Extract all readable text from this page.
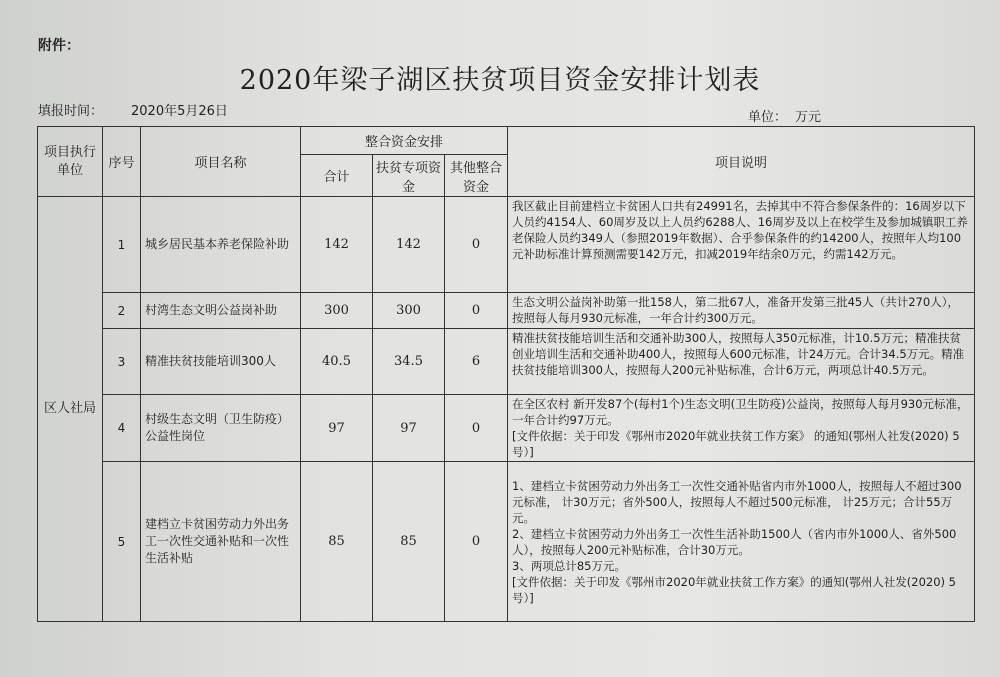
附件：
2020年梁子湖区扶贫项目资金安排计划表
填报时间： 2020年5月26日	单位： 万元
项目执行单位	序号	项目名称	整合资金安排			项目说明
			合计	扶贫专项资金	其他整合资金	
区人社局	1	城乡居民基本养老保险补助	142	142	0	我区截止目前建档立卡贫困人口共有24991名，去掉其中不符合参保条件的：16周岁以下人员约4154人、60周岁及以上人员约6288人、16周岁及以上在校学生及参加城镇职工养老保险人员约349人（参照2019年数据）、合乎参保条件的约14200人，按照年人均100元补助标准计算预测需要142万元，扣减2019年结余0万元，约需142万元。
	2	村湾生态文明公益岗补助	300	300	0	生态文明公益岗补助第一批158人，第二批67人，准备开发第三批45人（共计270人），按照每人每月930元标准，一年合计约300万元。
	3	精准扶贫技能培训300人	40.5	34.5	6	精准扶贫技能培训生活和交通补助300人，按照每人350元标准，计10.5万元；精准扶贫创业培训生活和交通补助400人，按照每人600元标准，计24万元。合计34.5万元。精准扶贫技能培训300人，按照每人200元补贴标准，合计6万元，两项总计40.5万元。
	4	村级生态文明（卫生防疫）公益性岗位	97	97	0	在全区农村 新开发87个(每村1个)生态文明(卫生防疫)公益岗，按照每人每月930元标准，一年合计约97万元。
[文件依据：关于印发《鄂州市2020年就业扶贫工作方案》 的通知(鄂州人社发(2020) 5号）]
	5	建档立卡贫困劳动力外出务工一次性交通补贴和一次性生活补贴	85	85	0	1、建档立卡贫困劳动力外出务工一次性交通补贴省内市外1000人，按照每人不超过300元标准， 计30万元；省外500人，按照每人不超过500元标准， 计25万元；合计55万元。
2、建档立卡贫困劳动力外出务工一次性生活补助1500人（省内市外1000人、省外500人），按照每人200元补贴标准，合计30万元。
3、两项总计85万元。
[文件依据：关于印发《鄂州市2020年就业扶贫工作方案》的通知(鄂州人社发(2020) 5号）]
